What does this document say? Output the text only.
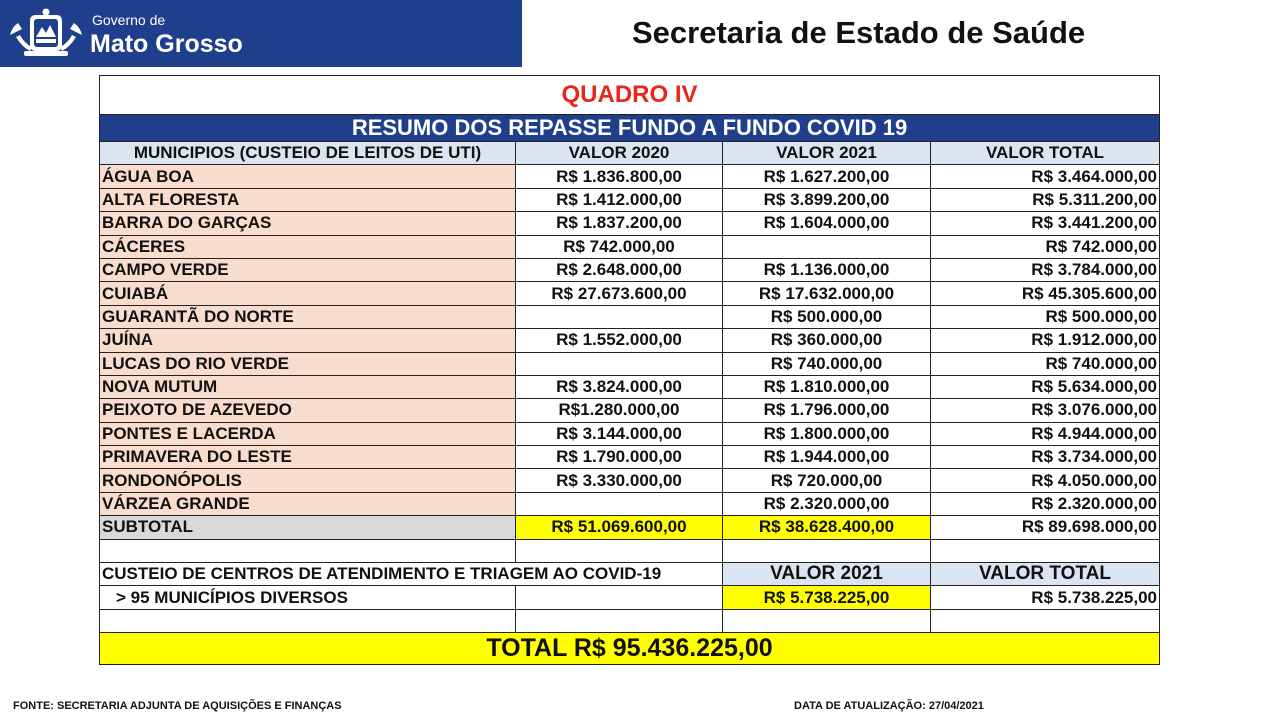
Governo de
Mato Grosso	Secretaria de Estado de Saúde
QUADRO IV			
RESUMO DOS REPASSE FUNDO A FUNDO COVID 19			
MUNICIPIOS (CUSTEIO DE LEITOS DE UTI)	VALOR 2020	VALOR 2021	VALOR TOTAL
ÁGUA BOA	R$ 1.836.800,00	R$ 1.627.200,00	R$ 3.464.000,00
ALTA FLORESTA	R$ 1.412.000,00	R$ 3.899.200,00	R$ 5.311.200,00
BARRA DO GARÇAS	R$ 1.837.200,00	R$ 1.604.000,00	R$ 3.441.200,00
CÁCERES	R$ 742.000,00		R$ 742.000,00
CAMPO VERDE	R$ 2.648.000,00	R$ 1.136.000,00	R$ 3.784.000,00
CUIABÁ	R$ 27.673.600,00	R$ 17.632.000,00	R$ 45.305.600,00
GUARANTÃ DO NORTE		R$ 500.000,00	R$ 500.000,00
JUÍNA	R$ 1.552.000,00	R$ 360.000,00	R$ 1.912.000,00
LUCAS DO RIO VERDE		R$ 740.000,00	R$ 740.000,00
NOVA MUTUM	R$ 3.824.000,00	R$ 1.810.000,00	R$ 5.634.000,00
PEIXOTO DE AZEVEDO	R$1.280.000,00	R$ 1.796.000,00	R$ 3.076.000,00
PONTES E LACERDA	R$ 3.144.000,00	R$ 1.800.000,00	R$ 4.944.000,00
PRIMAVERA DO LESTE	R$ 1.790.000,00	R$ 1.944.000,00	R$ 3.734.000,00
RONDONÓPOLIS	R$ 3.330.000,00	R$ 720.000,00	R$ 4.050.000,00
VÁRZEA GRANDE		R$ 2.320.000,00	R$ 2.320.000,00
SUBTOTAL	R$ 51.069.600,00	R$ 38.628.400,00	R$ 89.698.000,00

CUSTEIO DE CENTROS DE ATENDIMENTO E TRIAGEM AO COVID-19		VALOR 2021	VALOR TOTAL
> 95 MUNICÍPIOS DIVERSOS		R$ 5.738.225,00	R$ 5.738.225,00

TOTAL R$ 95.436.225,00			
FONTE: SECRETARIA ADJUNTA DE AQUISIÇÕES E FINANÇAS	DATA DE ATUALIZAÇÃO: 27/04/2021
